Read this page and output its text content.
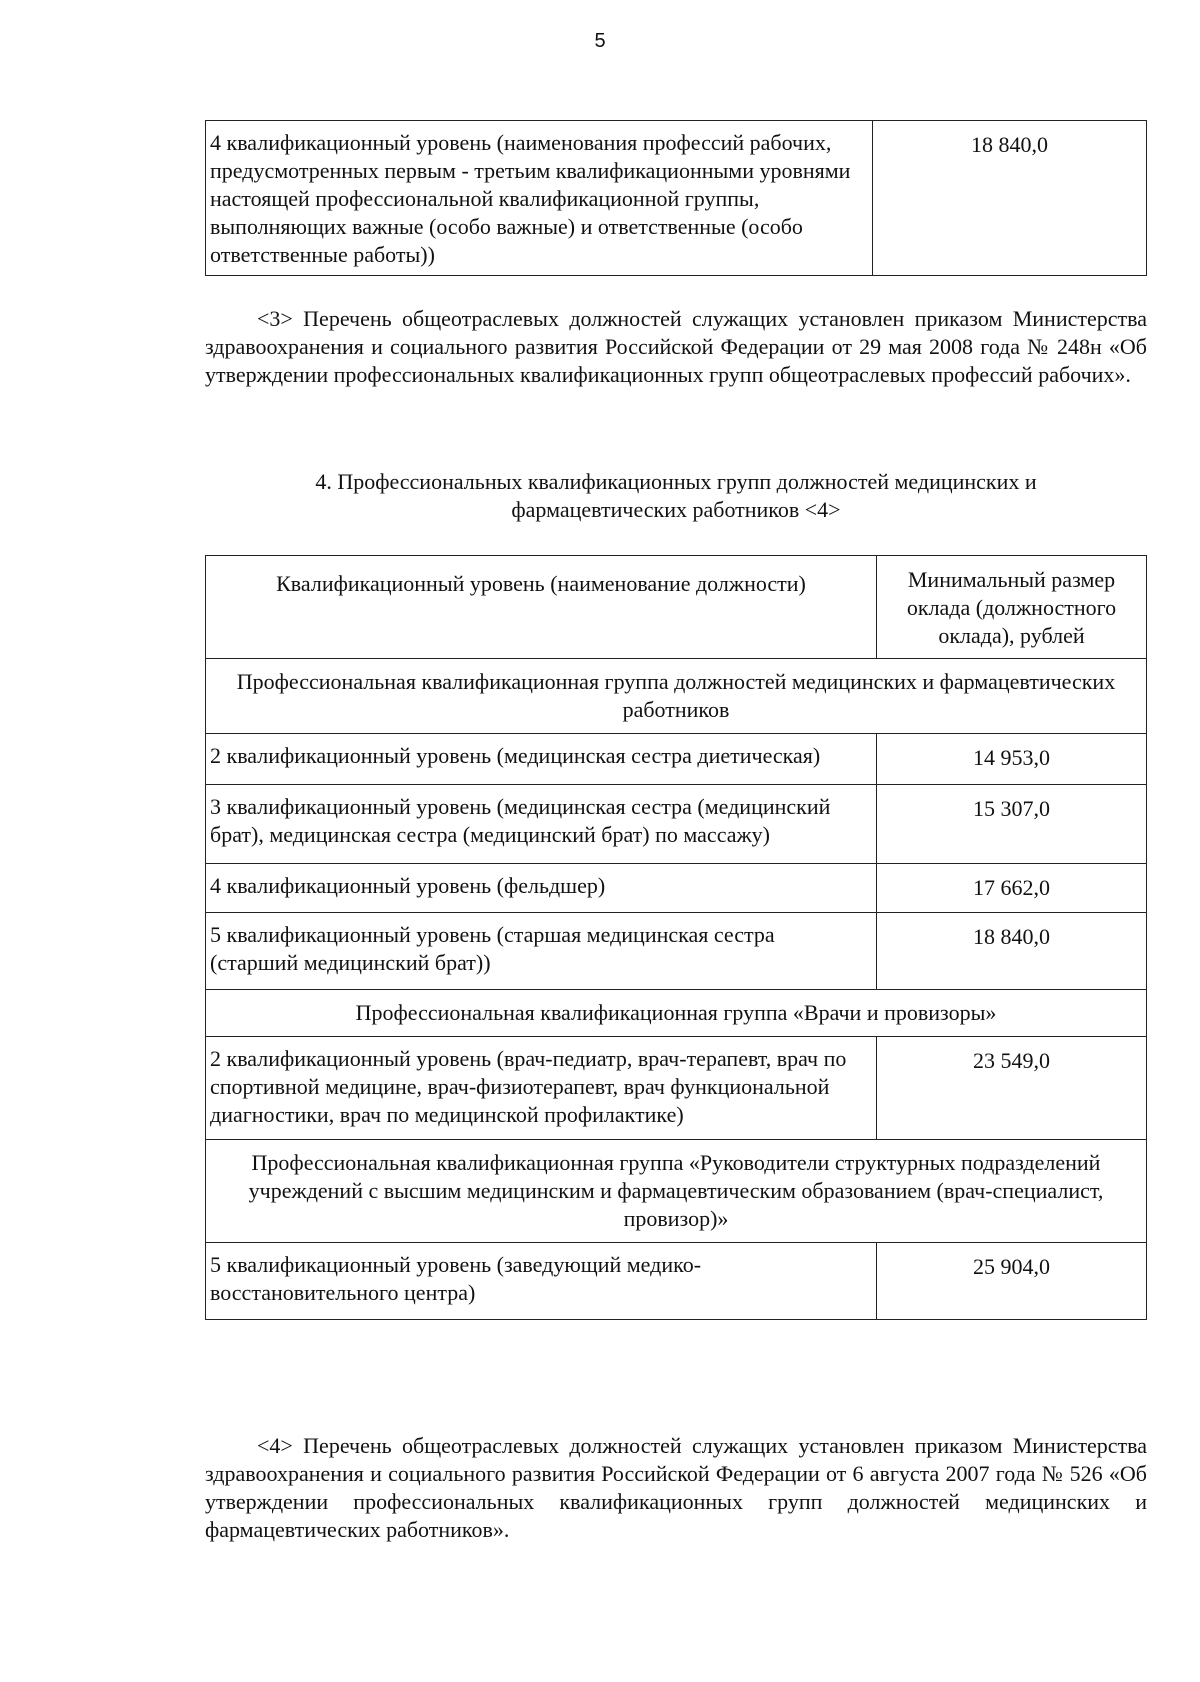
5
4 квалификационный уровень (наименования профессий рабочих, предусмотренных первым - третьим квалификационными уровнями настоящей профессиональной квалификационной группы, выполняющих важные (особо важные) и ответственные (особо ответственные работы))	18 840,0

<3> Перечень общеотраслевых должностей служащих установлен приказом Министерства здравоохранения и социального развития Российской Федерации от 29 мая 2008 года № 248н «Об утверждении профессиональных квалификационных групп общеотраслевых профессий рабочих».

4. Профессиональных квалификационных групп должностей медицинских и
фармацевтических работников <4>
Квалификационный уровень (наименование должности)	Минимальный размер оклада (должностного оклада), рублей
Профессиональная квалификационная группа должностей медицинских и фармацевтических работников	
2 квалификационный уровень (медицинская сестра диетическая)	14 953,0
3 квалификационный уровень (медицинская сестра (медицинский брат), медицинская сестра (медицинский брат) по массажу)	15 307,0
4 квалификационный уровень (фельдшер)	17 662,0
5 квалификационный уровень (старшая медицинская сестра (старший медицинский брат))	18 840,0
Профессиональная квалификационная группа «Врачи и провизоры»	
2 квалификационный уровень (врач-педиатр, врач-терапевт, врач по спортивной медицине, врач-физиотерапевт, врач функциональной диагностики, врач по медицинской профилактике)	23 549,0
Профессиональная квалификационная группа «Руководители структурных подразделений учреждений с высшим медицинским и фармацевтическим образованием (врач-специалист, провизор)»	
5 квалификационный уровень (заведующий медико-восстановительного центра)	25 904,0

<4> Перечень общеотраслевых должностей служащих установлен приказом Министерства здравоохранения и социального развития Российской Федерации от 6 августа 2007 года № 526 «Об утверждении профессиональных квалификационных групп должностей медицинских и фармацевтических работников».
